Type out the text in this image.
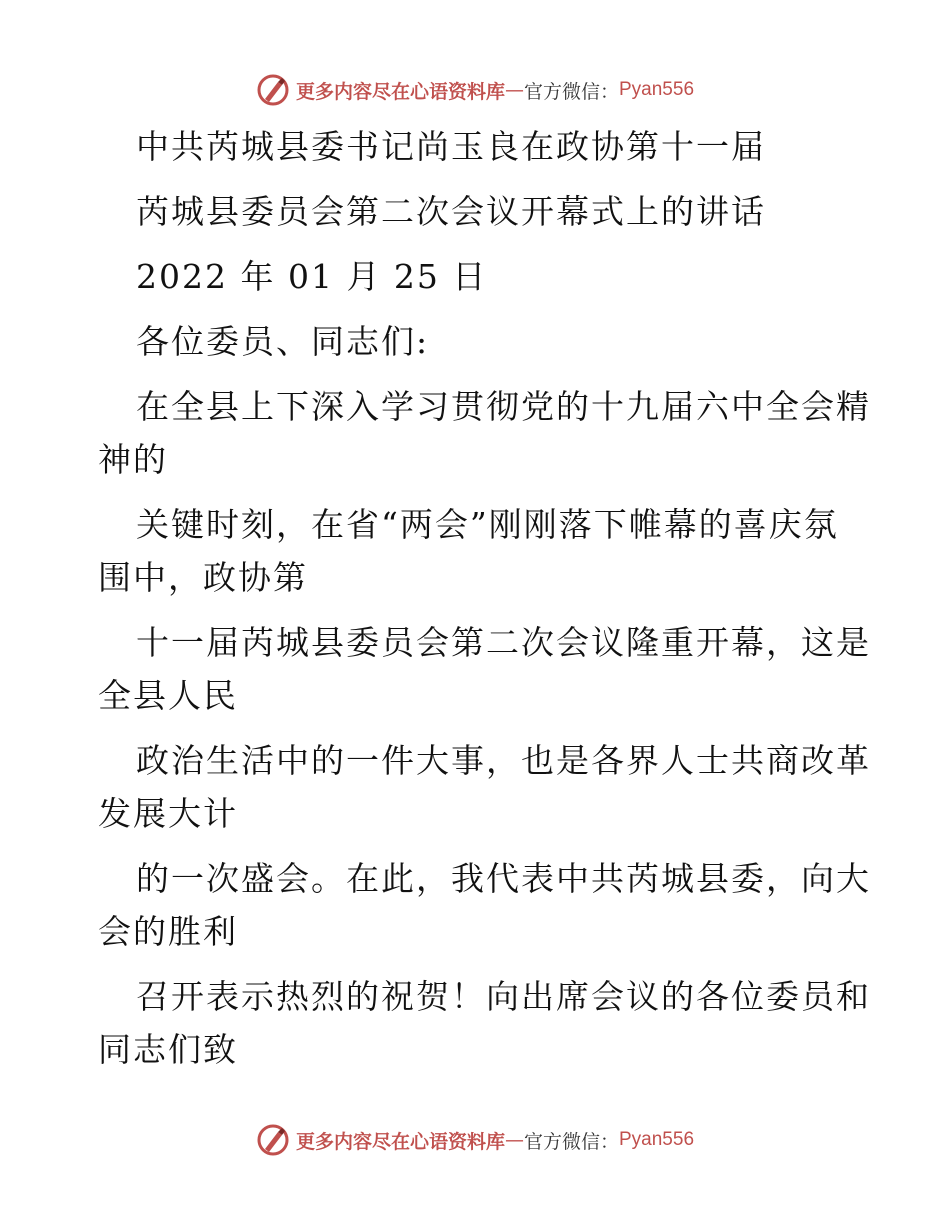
更多内容尽在心语资料库 — 官方微信： Pyan556
中共芮城县委书记尚玉良在政协第十一届
芮城县委员会第二次会议开幕式上的讲话
2022 年 01 月 25 日
各位委员、同志们:
在全县上下深入学习贯彻党的十九届六中全会精
神的
关键时刻，在省“两会”刚刚落下帷幕的喜庆氛
围中，政协第
十一届芮城县委员会第二次会议隆重开幕，这是
全县人民
政治生活中的一件大事，也是各界人士共商改革
发展大计
的一次盛会。在此，我代表中共芮城县委，向大
会的胜利
召开表示热烈的祝贺！向出席会议的各位委员和
同志们致
更多内容尽在心语资料库 — 官方微信： Pyan556
